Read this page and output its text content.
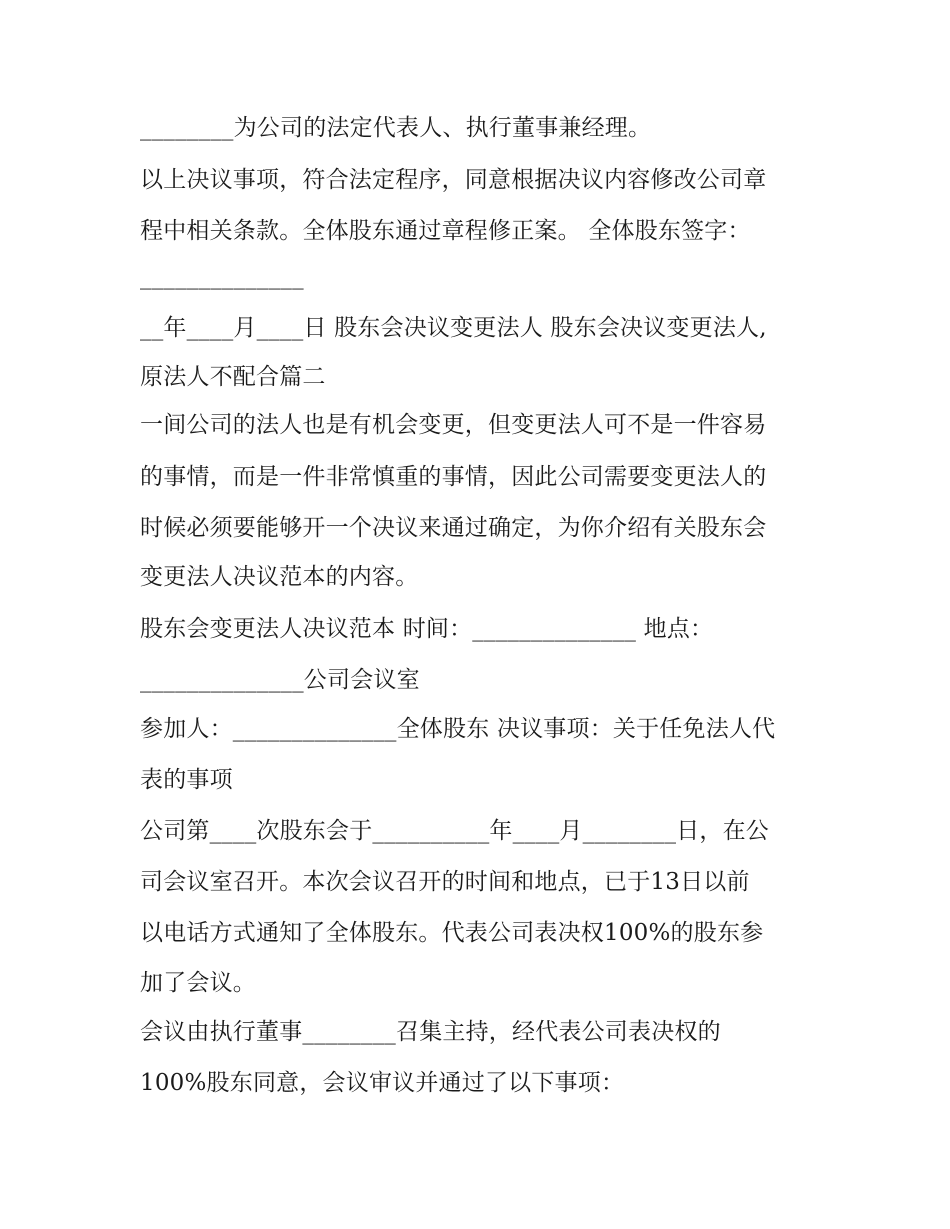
________为公司的法定代表人、执行董事兼经理。
以上决议事项，符合法定程序，同意根据决议内容修改公司章
程中相关条款。全体股东通过章程修正案。 全体股东签字：
______________
__年____月____日 股东会决议变更法人 股东会决议变更法人,
原法人不配合篇二
一间公司的法人也是有机会变更，但变更法人可不是一件容易
的事情，而是一件非常慎重的事情，因此公司需要变更法人的
时候必须要能够开一个决议来通过确定，为你介绍有关股东会
变更法人决议范本的内容。
股东会变更法人决议范本 时间：______________ 地点：
______________公司会议室
参加人：______________全体股东 决议事项：关于任免法人代
表的事项
公司第____次股东会于__________年____月________日，在公
司会议室召开。本次会议召开的时间和地点，已于13日以前
以电话方式通知了全体股东。代表公司表决权100%的股东参
加了会议。
会议由执行董事________召集主持，经代表公司表决权的
100%股东同意，会议审议并通过了以下事项：
